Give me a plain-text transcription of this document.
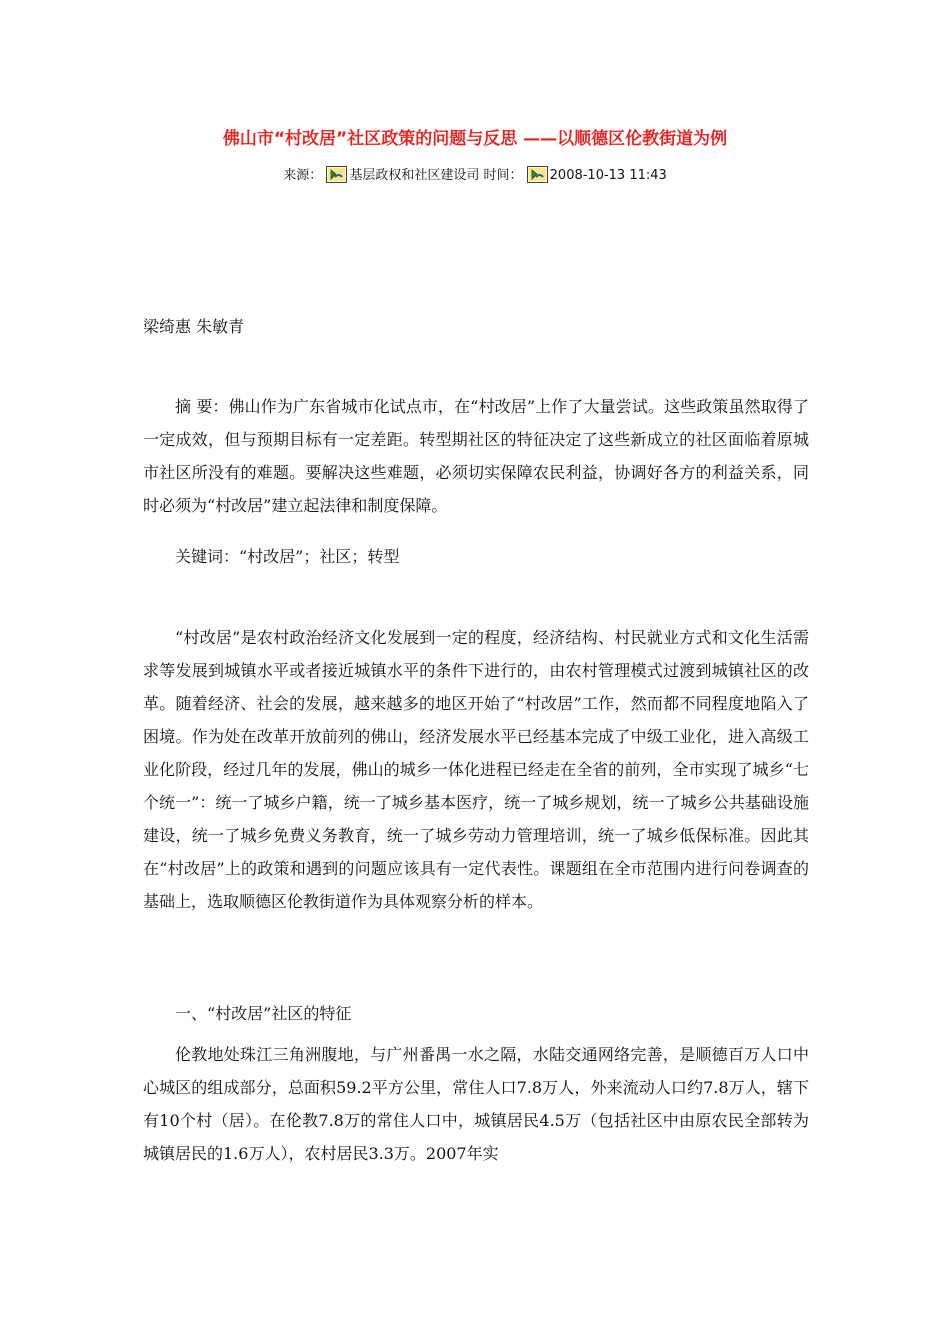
佛山市“村改居”社区政策的问题与反思 ——以顺德区伦教街道为例
来源： 基层政权和社区建设司 时间： 2008-10-13 11:43
梁绮惠 朱敏青

摘 要：佛山作为广东省城市化试点市，在“村改居”上作了大量尝试。这些政策虽然取得了一定成效，但与预期目标有一定差距。转型期社区的特征决定了这些新成立的社区面临着原城市社区所没有的难题。要解决这些难题，必须切实保障农民利益，协调好各方的利益关系，同时必须为“村改居”建立起法律和制度保障。

关键词：“村改居”；社区；转型

“村改居”是农村政治经济文化发展到一定的程度，经济结构、村民就业方式和文化生活需求等发展到城镇水平或者接近城镇水平的条件下进行的，由农村管理模式过渡到城镇社区的改革。随着经济、社会的发展，越来越多的地区开始了“村改居”工作，然而都不同程度地陷入了困境。作为处在改革开放前列的佛山，经济发展水平已经基本完成了中级工业化，进入高级工业化阶段，经过几年的发展，佛山的城乡一体化进程已经走在全省的前列，全市实现了城乡“七个统一”：统一了城乡户籍，统一了城乡基本医疗，统一了城乡规划，统一了城乡公共基础设施建设，统一了城乡免费义务教育，统一了城乡劳动力管理培训，统一了城乡低保标准。因此其在“村改居”上的政策和遇到的问题应该具有一定代表性。课题组在全市范围内进行问卷调查的基础上，选取顺德区伦教街道作为具体观察分析的样本。

一、“村改居”社区的特征

伦教地处珠江三角洲腹地，与广州番禺一水之隔，水陆交通网络完善，是顺德百万人口中心城区的组成部分，总面积59.2平方公里，常住人口7.8万人，外来流动人口约7.8万人，辖下有10个村（居）。在伦教7.8万的常住人口中，城镇居民4.5万（包括社区中由原农民全部转为城镇居民的1.6万人），农村居民3.3万。2007年实
